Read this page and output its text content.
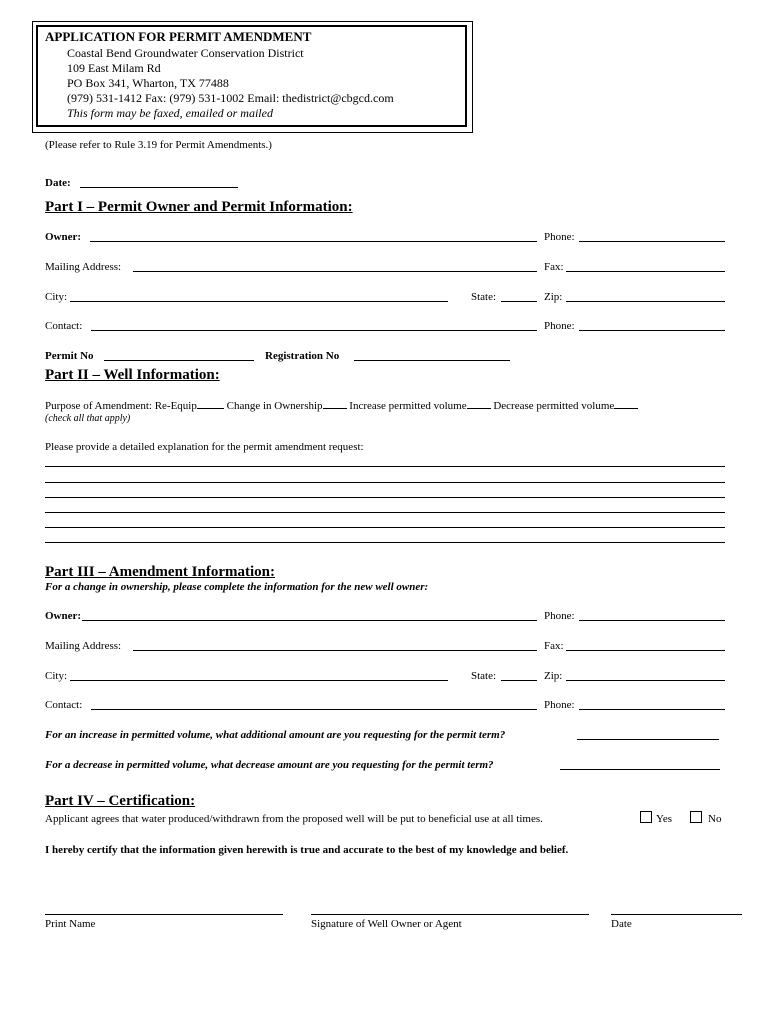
APPLICATION FOR PERMIT AMENDMENT
Coastal Bend Groundwater Conservation District
109 East Milam Rd
PO Box 341, Wharton, TX 77488
(979) 531-1412 Fax: (979) 531-1002 Email: thedistrict@cbgcd.com
This form may be faxed, emailed or mailed
(Please refer to Rule 3.19 for Permit Amendments.)
Date:
Part I – Permit Owner and Permit Information:
Owner:	Phone:
Mailing Address:	Fax:
City:	State:	Zip:
Contact:	Phone:
Permit No	Registration No
Part II – Well Information:
Purpose of Amendment: Re-Equip	Change in Ownership Increase permitted volume Decrease permitted volume
(check all that apply)
Please provide a detailed explanation for the permit amendment request:
Part III – Amendment Information:
For a change in ownership, please complete the information for the new well owner:
Owner:	Phone:
Mailing Address:	Fax:
City:	State:	Zip:
Contact:	Phone:
For an increase in permitted volume, what additional amount are you requesting for the permit term?
For a decrease in permitted volume, what decrease amount are you requesting for the permit term?
Part IV – Certification:
Applicant agrees that water produced/withdrawn from the proposed well will be put to beneficial use at all times.	Yes	No
I hereby certify that the information given herewith is true and accurate to the best of my knowledge and belief.
Print Name	Signature of Well Owner or Agent	Date
